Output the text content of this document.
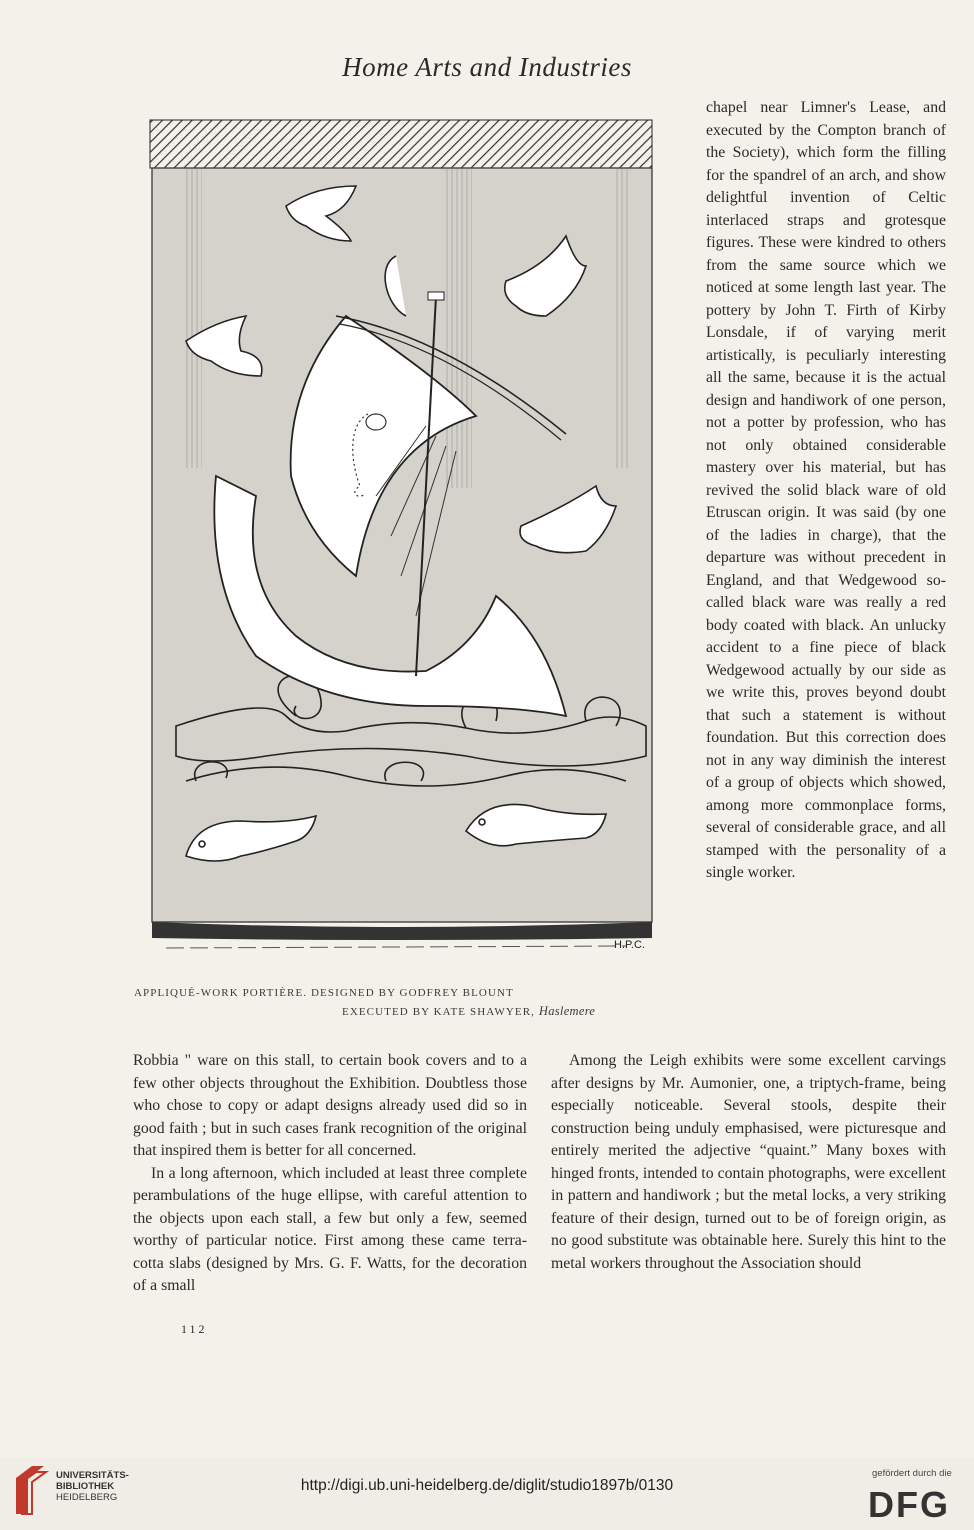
Home Arts and Industries
H.P.C.
APPLIQUÉ-WORK PORTIÈRE. DESIGNED BY GODFREY BLOUNT
EXECUTED BY KATE SHAWYER, Haslemere

chapel near Limner's Lease, and executed by the Compton branch of the Society), which form the filling for the spandrel of an arch, and show delightful invention of Celtic interlaced straps and grotesque figures. These were kindred to others from the same source which we noticed at some length last year. The pottery by John T. Firth of Kirby Lonsdale, if of varying merit artistically, is peculiarly interesting all the same, because it is the actual design and handiwork of one person, not a potter by profession, who has not only obtained considerable mastery over his material, but has revived the solid black ware of old Etruscan origin. It was said (by one of the ladies in charge), that the departure was without precedent in England, and that Wedgewood so-called black ware was really a red body coated with black. An unlucky accident to a fine piece of black Wedgewood actually by our side as we write this, proves beyond doubt that such a statement is without foundation. But this correction does not in any way diminish the interest of a group of objects which showed, among more commonplace forms, several of considerable grace, and all stamped with the personality of a single worker.

Robbia " ware on this stall, to certain book covers and to a few other objects throughout the Exhibition. Doubtless those who chose to copy or adapt designs already used did so in good faith ; but in such cases frank recognition of the original that inspired them is better for all concerned.

In a long afternoon, which included at least three complete perambulations of the huge ellipse, with careful attention to the objects upon each stall, a few but only a few, seemed worthy of particular notice. First among these came terra-cotta slabs (designed by Mrs. G. F. Watts, for the decoration of a small

Among the Leigh exhibits were some excellent carvings after designs by Mr. Aumonier, one, a triptych-frame, being especially noticeable. Several stools, despite their construction being unduly emphasised, were picturesque and entirely merited the adjective “quaint.” Many boxes with hinged fronts, intended to contain photographs, were excellent in pattern and handiwork ; but the metal locks, a very striking feature of their design, turned out to be of foreign origin, as no good substitute was obtainable here. Surely this hint to the metal workers throughout the Association should

112
UNIVERSITÄTS-
BIBLIOTHEK
HEIDELBERG
http://digi.ub.uni-heidelberg.de/diglit/studio1897b/0130
gefördert durch die
DFG
